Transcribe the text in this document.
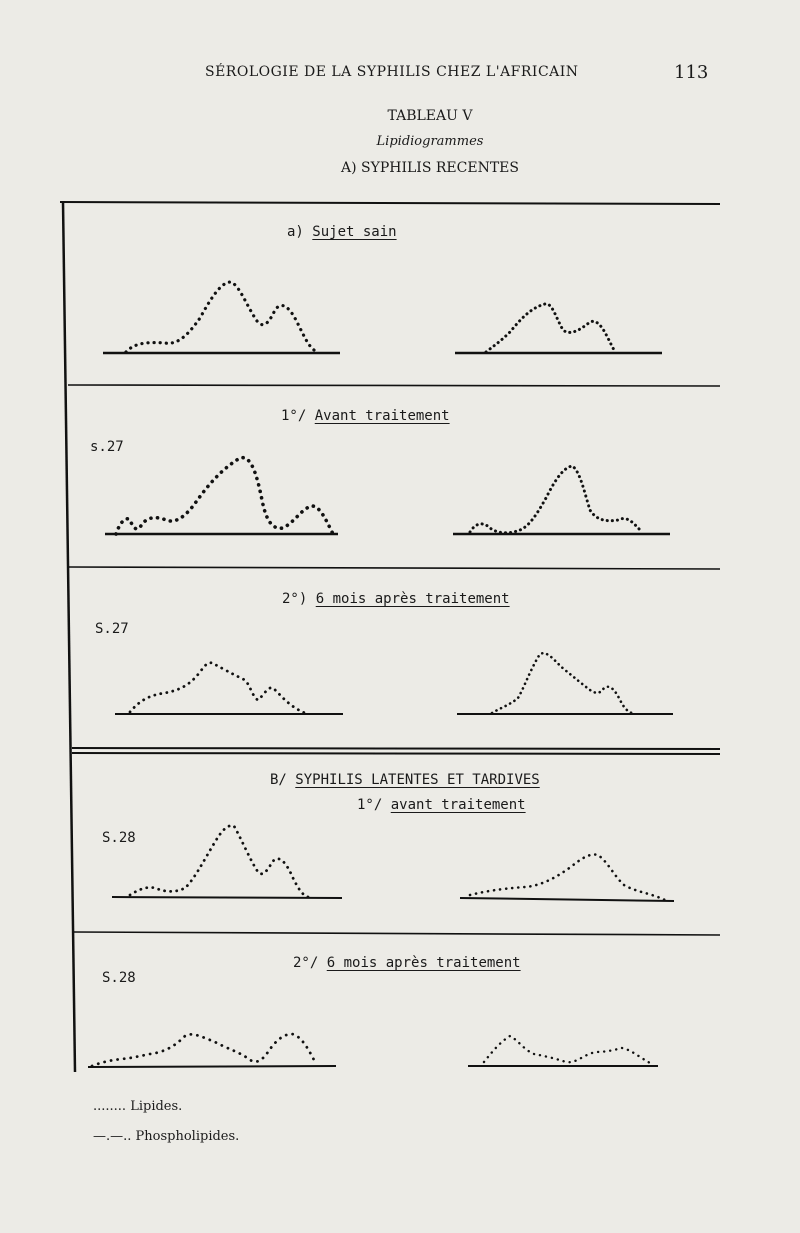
SÉROLOGIE DE LA SYPHILIS CHEZ L'AFRICAIN	113
TABLEAU V
Lipidiogrammes
A) SYPHILIS RECENTES
a) Sujet sain
1°/ Avant traitement
s.27
2°) 6 mois après traitement
S.27
B/ SYPHILIS LATENTES ET TARDIVES
1°/ avant traitement
S.28
2°/ 6 mois après traitement
S.28
........ Lipides.
—.—.. Phospholipides.
